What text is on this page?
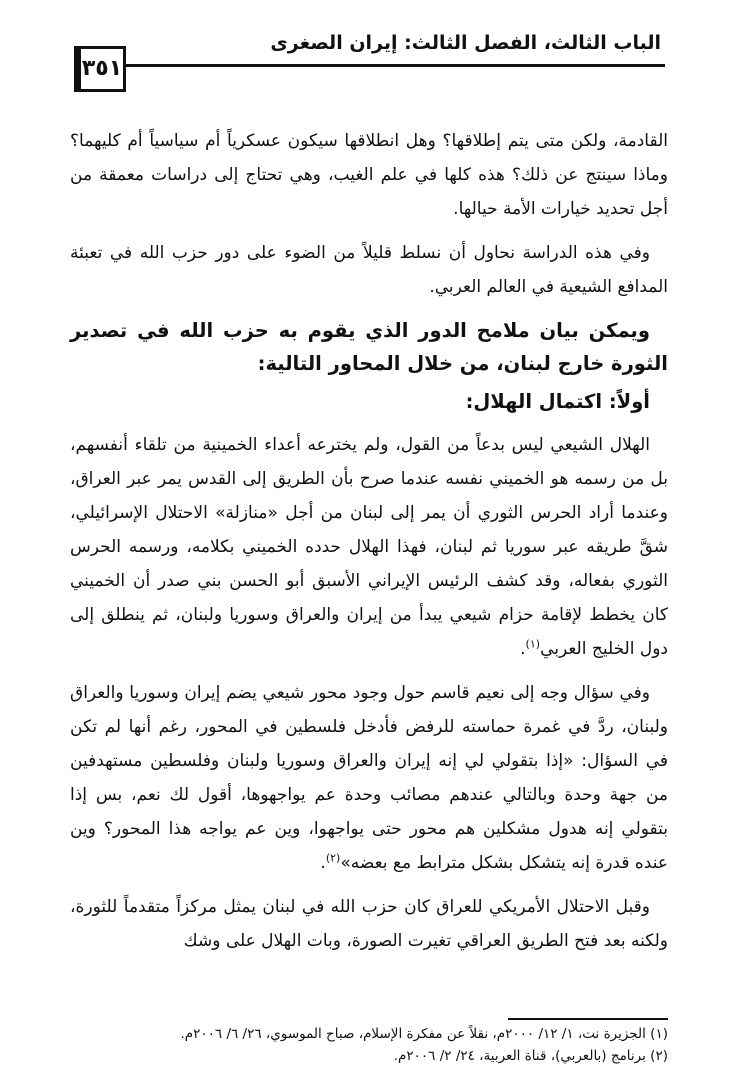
الباب الثالث، الفصل الثالث: إيران الصغرى
٣٥١

القادمة، ولكن متى يتم إطلاقها؟ وهل انطلاقها سيكون عسكرياً أم سياسياً أم كليهما؟ وماذا سينتج عن ذلك؟ هذه كلها في علم الغيب، وهي تحتاج إلى دراسات معمقة من أجل تحديد خيارات الأمة حيالها.

وفي هذه الدراسة نحاول أن نسلط قليلاً من الضوء على دور حزب الله في تعبئة المدافع الشيعية في العالم العربي.

ويمكن بيان ملامح الدور الذي يقوم به حزب الله في تصدير الثورة خارج لبنان، من خلال المحاور التالية:

أولاً: اكتمال الهلال:

الهلال الشيعي ليس بدعاً من القول، ولم يخترعه أعداء الخمينية من تلقاء أنفسهم، بل من رسمه هو الخميني نفسه عندما صرح بأن الطريق إلى القدس يمر عبر العراق، وعندما أراد الحرس الثوري أن يمر إلى لبنان من أجل «منازلة» الاحتلال الإسرائيلي، شقَّ طريقه عبر سوريا ثم لبنان، فهذا الهلال حدده الخميني بكلامه، ورسمه الحرس الثوري بفعاله، وقد كشف الرئيس الإيراني الأسبق أبو الحسن بني صدر أن الخميني كان يخطط لإقامة حزام شيعي يبدأ من إيران والعراق وسوريا ولبنان، ثم ينطلق إلى دول الخليج العربي$^{(١)}$.

وفي سؤال وجه إلى نعيم قاسم حول وجود محور شيعي يضم إيران وسوريا والعراق ولبنان، ردَّ في غمرة حماسته للرفض فأدخل فلسطين في المحور، رغم أنها لم تكن في السؤال: «إذا بتقولي لي إنه إيران والعراق وسوريا ولبنان وفلسطين مستهدفين من جهة وحدة وبالتالي عندهم مصائب وحدة عم يواجهوها، أقول لك نعم، بس إذا بتقولي إنه هدول مشكلين هم محور حتى يواجهوا، وين عم يواجه هذا المحور؟ وين عنده قدرة إنه يتشكل بشكل مترابط مع بعضه»$^{(٢)}$.

وقبل الاحتلال الأمريكي للعراق كان حزب الله في لبنان يمثل مركزاً متقدماً للثورة، ولكنه بعد فتح الطريق العراقي تغيرت الصورة، وبات الهلال على وشك

(١) الجزيرة نت، ١/ ١٢/ ٢٠٠٠م، نقلاً عن مفكرة الإسلام، صباح الموسوي، ٢٦/ ٦/ ٢٠٠٦م.

(٢) برنامج (بالعربي)، قناة العربية، ٢٤/ ٢/ ٢٠٠٦م.
